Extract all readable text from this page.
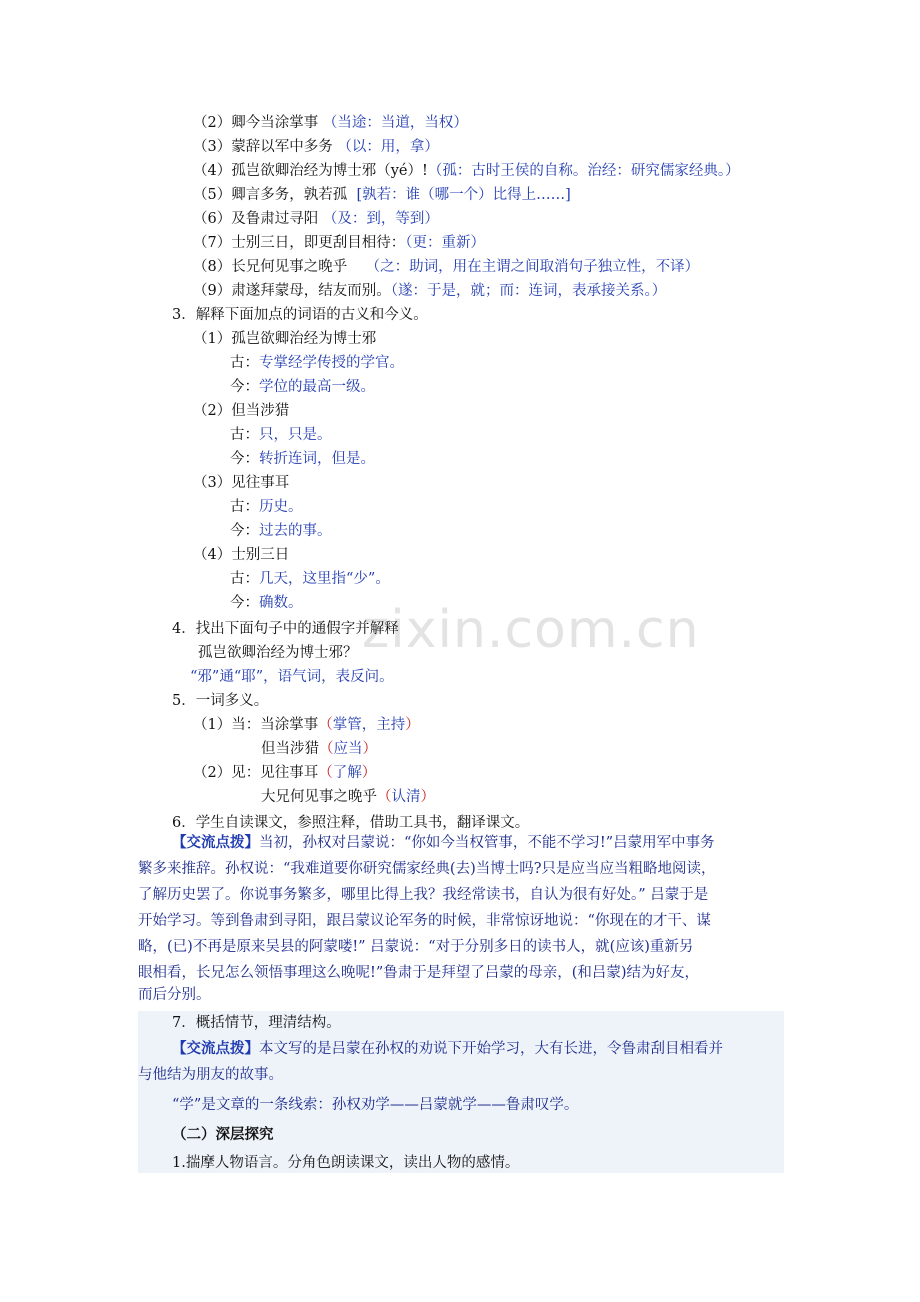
zixin.com.cn
（2）卿今当涂掌事 （当途：当道，当权）
（3）蒙辞以军中多务 （以：用，拿）
（4）孤岂欲卿治经为博士邪（yé）!（孤：古时王侯的自称。治经：研究儒家经典。）
（5）卿言多务，孰若孤 [孰若：谁（哪一个）比得上……]
（6）及鲁肃过寻阳 （及：到，等到）
（7）士别三日，即更刮目相待：（更：重新）
（8）长兄何见事之晚乎 （之：助词，用在主谓之间取消句子独立性，不译）
（9）肃遂拜蒙母，结友而别。（遂：于是，就；而：连词，表承接关系。）
3．解释下面加点的词语的古义和今义。
（1）孤岂欲卿治经为博士邪
古：专掌经学传授的学官。
今：学位的最高一级。
（2）但当涉猎
古：只，只是。
今：转折连词，但是。
（3）见往事耳
古：历史。
今：过去的事。
（4）士别三日
古：几天，这里指“少”。
今：确数。
4．找出下面句子中的通假字并解释
孤岂欲卿治经为博士邪？
“邪”通“耶”，语气词，表反问。
5．一词多义。
（1）当：当涂掌事（掌管，主持）
但当涉猎（应当）
（2）见：见往事耳（了解）
大兄何见事之晚乎（认清）
6．学生自读课文，参照注释，借助工具书，翻译课文。
【交流点拨】当初，孙权对吕蒙说：“你如今当权管事，不能不学习!”吕蒙用军中事务
繁多来推辞。孙权说：“我难道要你研究儒家经典(去)当博士吗?只是应当应当粗略地阅读，
了解历史罢了。你说事务繁多，哪里比得上我？我经常读书，自认为很有好处。” 吕蒙于是
开始学习。等到鲁肃到寻阳，跟吕蒙议论军务的时候，非常惊讶地说：“你现在的才干、谋
略，(已)不再是原来吴县的阿蒙喽!” 吕蒙说：“对于分别多日的读书人，就(应该)重新另
眼相看，长兄怎么领悟事理这么晚呢!”鲁肃于是拜望了吕蒙的母亲，(和吕蒙)结为好友，
而后分别。
7．概括情节，理清结构。
【交流点拨】本文写的是吕蒙在孙权的劝说下开始学习，大有长进，令鲁肃刮目相看并
与他结为朋友的故事。
“学”是文章的一条线索：孙权劝学——吕蒙就学——鲁肃叹学。
（二）深层探究
1.揣摩人物语言。分角色朗读课文，读出人物的感情。
